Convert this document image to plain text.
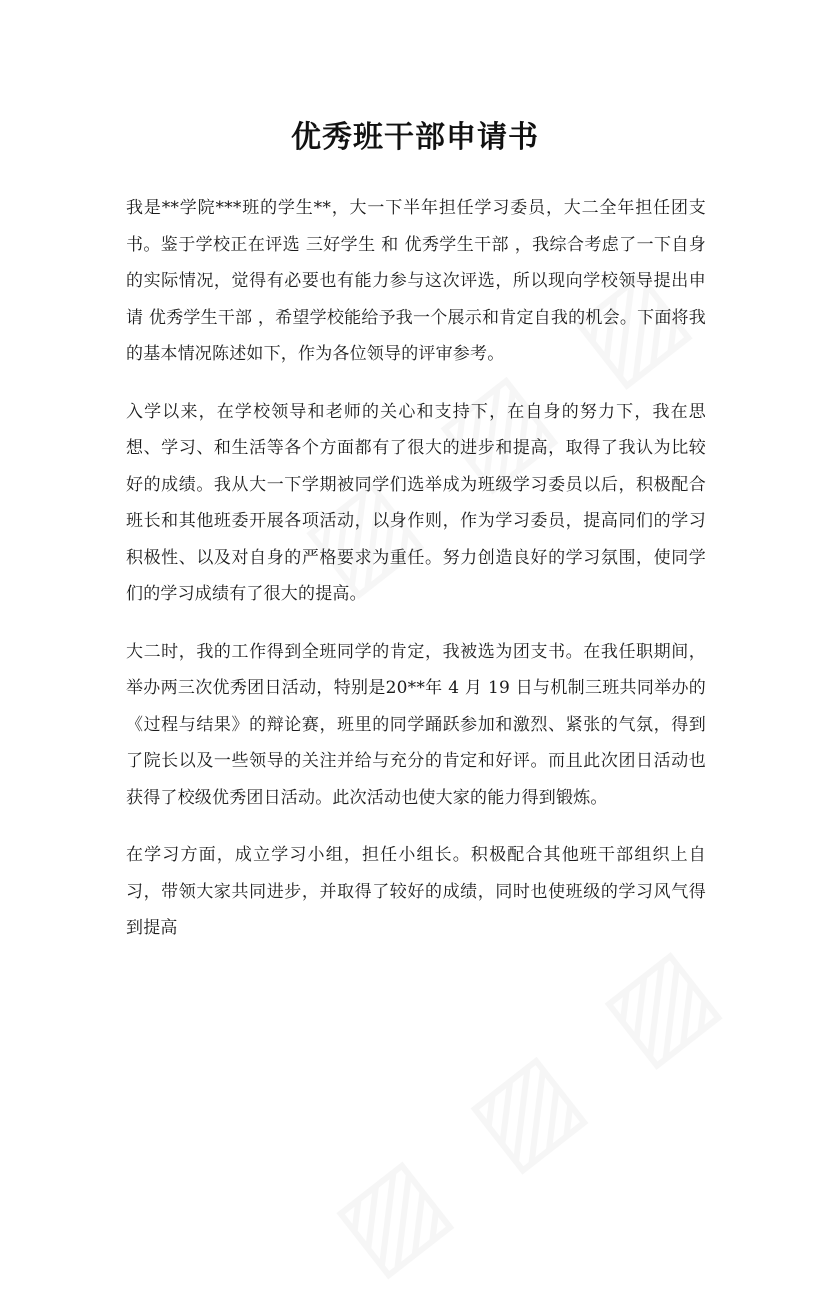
优秀班干部申请书

我是**学院***班的学生**，大一下半年担任学习委员，大二全年担任团支书。鉴于学校正在评选 三好学生 和 优秀学生干部 ，我综合考虑了一下自身的实际情况，觉得有必要也有能力参与这次评选，所以现向学校领导提出申请 优秀学生干部 ，希望学校能给予我一个展示和肯定自我的机会。下面将我的基本情况陈述如下，作为各位领导的评审参考。

入学以来，在学校领导和老师的关心和支持下，在自身的努力下，我在思想、学习、和生活等各个方面都有了很大的进步和提高，取得了我认为比较好的成绩。我从大一下学期被同学们选举成为班级学习委员以后，积极配合班长和其他班委开展各项活动，以身作则，作为学习委员，提高同们的学习积极性、以及对自身的严格要求为重任。努力创造良好的学习氛围，使同学们的学习成绩有了很大的提高。

大二时，我的工作得到全班同学的肯定，我被选为团支书。在我任职期间，举办两三次优秀团日活动，特别是20**年 4 月 19 日与机制三班共同举办的《过程与结果》的辩论赛，班里的同学踊跃参加和激烈、紧张的气氛，得到了院长以及一些领导的关注并给与充分的肯定和好评。而且此次团日活动也获得了校级优秀团日活动。此次活动也使大家的能力得到锻炼。

在学习方面，成立学习小组，担任小组长。积极配合其他班干部组织上自习，带领大家共同进步，并取得了较好的成绩，同时也使班级的学习风气得到提高
